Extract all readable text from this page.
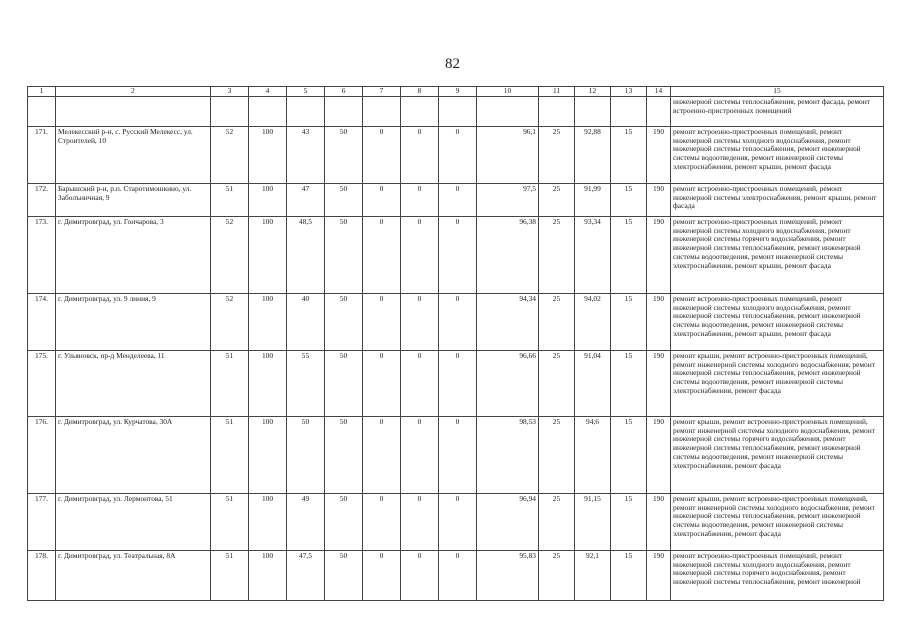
82
1	2	3	4	5	6	7	8	9	10	11	12	13	14	15
														инженерной системы теплоснабжения, ремонт фасада, ремонт встроенно-пристроенных помещений
171.	Мелекесский р-н, с. Русский Мелекесс, ул. Строителей, 10	52	100	43	50	0	0	0	96,1	25	92,88	15	190	ремонт встроенно-пристроенных помещений, ремонт инженерной системы холодного водоснабжения, ремонт инженерной системы теплоснабжения, ремонт инженерной системы водоотведения, ремонт инженерной системы электроснабжения, ремонт крыши, ремонт фасада
172.	Барышский р-н, р.п. Старотимошкино, ул. Заболъничная, 9	51	100	47	50	0	0	0	97,5	25	91,99	15	190	ремонт встроенно-пристроенных помещений, ремонт инженерной системы электроснабжения, ремонт крыши, ремонт фасада
173.	г. Димитровград, ул. Гончарова, 3	52	100	48,5	50	0	0	0	96,38	25	93,34	15	190	ремонт встроенно-пристроенных помещений, ремонт инженерной системы холодного водоснабжения, ремонт инженерной системы горячего водоснабжения, ремонт инженерной системы теплоснабжения, ремонт инженерной системы водоотведения, ремонт инженерной системы электроснабжения, ремонт крыши, ремонт фасада
174.	г. Димитровград, ул. 9 линия, 9	52	100	40	50	0	0	0	94,34	25	94,02	15	190	ремонт встроенно-пристроенных помещений, ремонт инженерной системы холодного водоснабжения, ремонт инженерной системы теплоснабжения, ремонт инженерной системы водоотведения, ремонт инженерной системы электроснабжения, ремонт крыши, ремонт фасада
175.	г. Ульяновск, пр-д Менделеева, 11	51	100	55	50	0	0	0	96,66	25	91,04	15	190	ремонт крыши, ремонт встроенно-пристроенных помещений, ремонт инженерной системы холодного водоснабжения, ремонт инженерной системы теплоснабжения, ремонт инженерной системы водоотведения, ремонт инженерной системы электроснабжения, ремонт фасада
176.	г. Димитровград, ул. Курчатова, 30А	51	100	50	50	0	0	0	98,53	25	94,6	15	190	ремонт крыши, ремонт встроенно-пристроенных помещений, ремонт инженерной системы холодного водоснабжения, ремонт инженерной системы горячего водоснабжения, ремонт инженерной системы теплоснабжения, ремонт инженерной системы водоотведения, ремонт инженерной системы электроснабжения, ремонт фасада
177.	г. Димитровград, ул. Лермонтова, 51	51	100	49	50	0	0	0	96,94	25	91,15	15	190	ремонт крыши, ремонт встроенно-пристроенных помещений, ремонт инженерной системы холодного водоснабжения, ремонт инженерной системы теплоснабжения, ремонт инженерной системы водоотведения, ремонт инженерной системы электроснабжения, ремонт фасада
178.	г. Димитровград, ул. Театральная, 8А	51	100	47,5	50	0	0	0	95,83	25	92,1	15	190	ремонт встроенно-пристроенных помещений, ремонт инженерной системы холодного водоснабжения, ремонт инженерной системы горячего водоснабжения, ремонт инженерной системы теплоснабжения, ремонт инженерной
